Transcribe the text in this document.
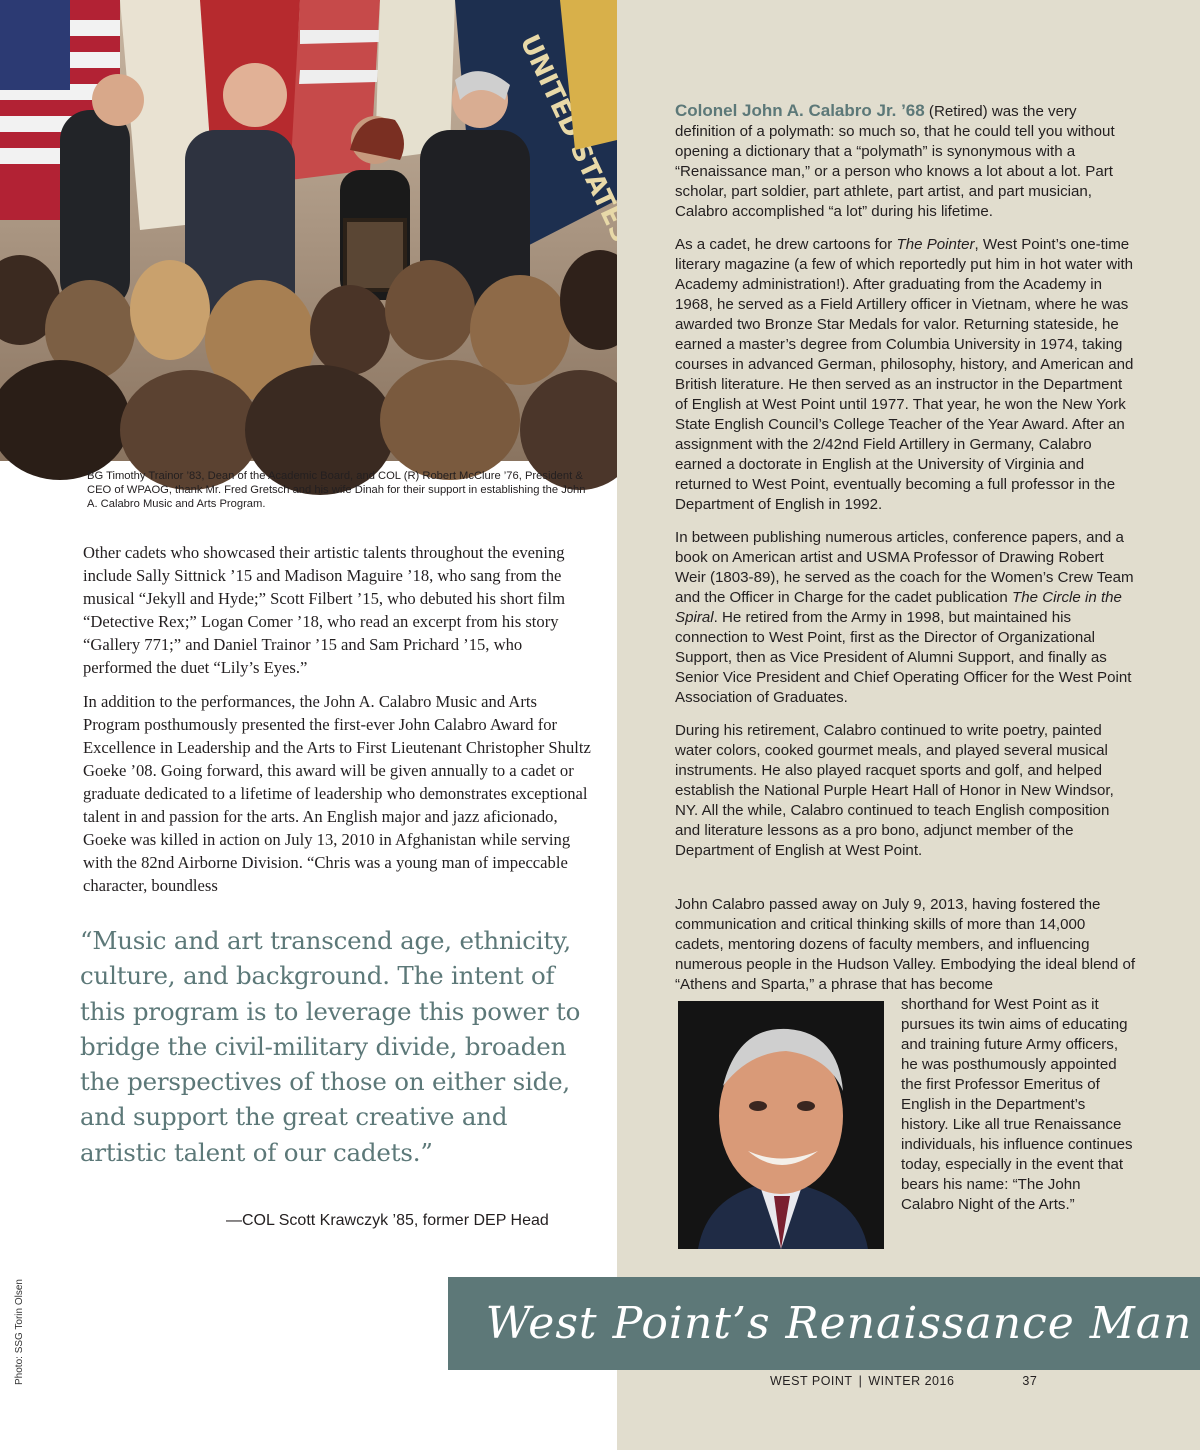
UNITED STATES
BG Timothy Trainor ’83, Dean of the Academic Board, and COL (R) Robert McClure ’76, President & CEO of WPAOG, thank Mr. Fred Gretsch and his wife Dinah for their support in establishing the John A. Calabro Music and Arts Program.

Other cadets who showcased their artistic talents throughout the evening include Sally Sittnick ’15 and Madison Maguire ’18, who sang from the musical “Jekyll and Hyde;” Scott Filbert ’15, who debuted his short film “Detective Rex;” Logan Comer ’18, who read an excerpt from his story “Gallery 771;” and Daniel Trainor ’15 and Sam Prichard ’15, who performed the duet “Lily’s Eyes.”

In addition to the performances, the John A. Calabro Music and Arts Program posthumously presented the first-ever John Calabro Award for Excellence in Leadership and the Arts to First Lieutenant Christopher Shultz Goeke ’08. Going forward, this award will be given annually to a cadet or graduate dedicated to a lifetime of leadership who demonstrates exceptional talent in and passion for the arts. An English major and jazz aficionado, Goeke was killed in action on July 13, 2010 in Afghanistan while serving with the 82nd Airborne Division. “Chris was a young man of impeccable character, boundless

“Music and art transcend age, ethnicity, culture, and background. The intent of this program is to leverage this power to bridge the civil-military divide, broaden the perspectives of those on either side, and support the great creative and artistic talent of our cadets.”
—COL Scott Krawczyk ’85, former DEP Head
Photo: SSG Torin Olsen

Colonel John A. Calabro Jr. ’68 (Retired) was the very definition of a polymath: so much so, that he could tell you without opening a dictionary that a “polymath” is synonymous with a “Renaissance man,” or a person who knows a lot about a lot. Part scholar, part soldier, part athlete, part artist, and part musician, Calabro accomplished “a lot” during his lifetime.

As a cadet, he drew cartoons for The Pointer, West Point’s one-time literary magazine (a few of which reportedly put him in hot water with Academy administration!). After graduating from the Academy in 1968, he served as a Field Artillery officer in Vietnam, where he was awarded two Bronze Star Medals for valor. Returning stateside, he earned a master’s degree from Columbia University in 1974, taking courses in advanced German, philosophy, history, and American and British literature. He then served as an instructor in the Department of English at West Point until 1977. That year, he won the New York State English Council’s College Teacher of the Year Award. After an assignment with the 2/42nd Field Artillery in Germany, Calabro earned a doctorate in English at the University of Virginia and returned to West Point, eventually becoming a full professor in the Department of English in 1992.

In between publishing numerous articles, conference papers, and a book on American artist and USMA Professor of Drawing Robert Weir (1803-89), he served as the coach for the Women’s Crew Team and the Officer in Charge for the cadet publication The Circle in the Spiral. He retired from the Army in 1998, but maintained his connection to West Point, first as the Director of Organizational Support, then as Vice President of Alumni Support, and finally as Senior Vice President and Chief Operating Officer for the West Point Association of Graduates.

During his retirement, Calabro continued to write poetry, painted water colors, cooked gourmet meals, and played several musical instruments. He also played racquet sports and golf, and helped establish the National Purple Heart Hall of Honor in New Windsor, NY. All the while, Calabro continued to teach English composition and literature lessons as a pro bono, adjunct member of the Department of English at West Point.

John Calabro passed away on July 9, 2013, having fostered the communication and critical thinking skills of more than 14,000 cadets, mentoring dozens of faculty members, and influencing numerous people in the Hudson Valley. Embodying the ideal blend of “Athens and Sparta,” a phrase that has become
shorthand for West Point as it pursues its twin aims of educating and training future Army officers, he was posthumously appointed the first Professor Emeritus of English in the Department’s history. Like all true Renaissance individuals, his influence continues today, especially in the event that bears his name: “The John Calabro Night of the Arts.”
West Point’s Renaissance Man
WEST POINT | WINTER 2016	37
